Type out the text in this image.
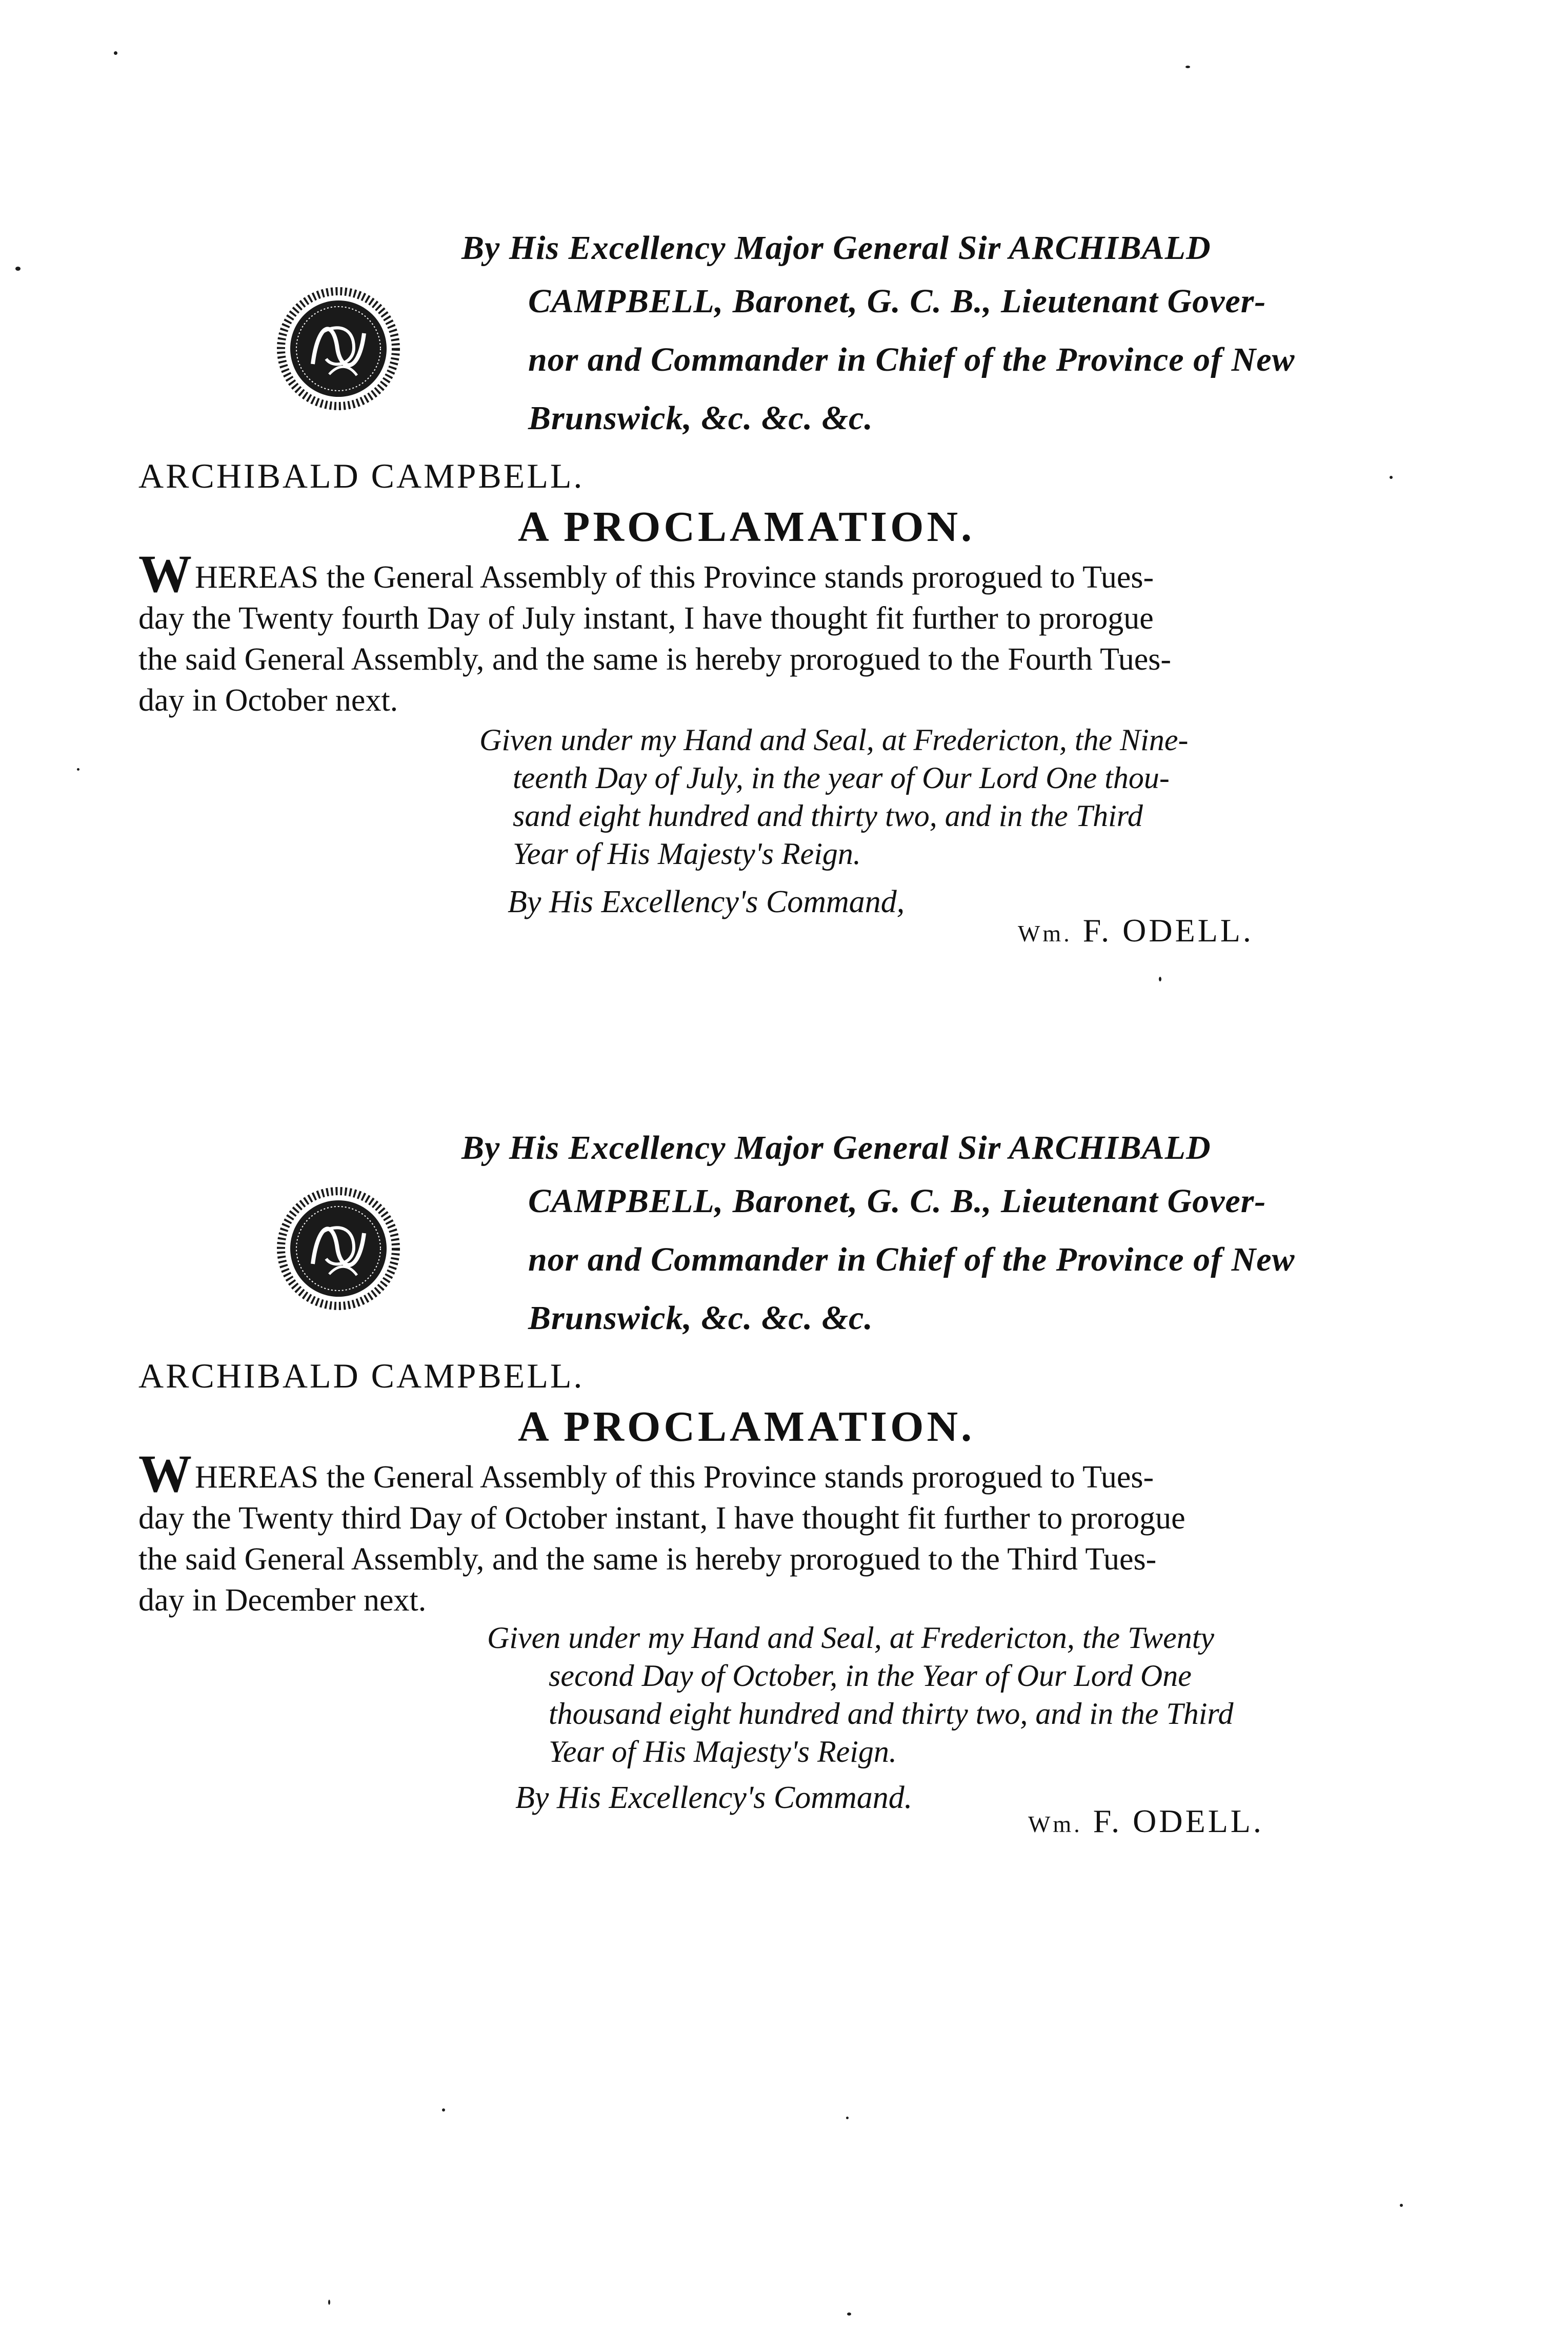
By His Excellency Major General Sir ARCHIBALD
CAMPBELL, Baronet, G. C. B., Lieutenant Gover-
nor and Commander in Chief of the Province of New
Brunswick, &c. &c. &c.
ARCHIBALD CAMPBELL.
A PROCLAMATION.
W HEREAS the General Assembly of this Province stands prorogued to Tues-
day the Twenty fourth Day of July instant, I have thought fit further to prorogue
the said General Assembly, and the same is hereby prorogued to the Fourth Tues-
day in October next.
Given under my Hand and Seal, at Fredericton, the Nine-
teenth Day of July, in the year of Our Lord One thou-
sand eight hundred and thirty two, and in the Third
Year of His Majesty's Reign.
By His Excellency's Command,
Wm. F. ODELL.
By His Excellency Major General Sir ARCHIBALD
CAMPBELL, Baronet, G. C. B., Lieutenant Gover-
nor and Commander in Chief of the Province of New
Brunswick, &c. &c. &c.
ARCHIBALD CAMPBELL.
A PROCLAMATION.
W HEREAS the General Assembly of this Province stands prorogued to Tues-
day the Twenty third Day of October instant, I have thought fit further to prorogue
the said General Assembly, and the same is hereby prorogued to the Third Tues-
day in December next.
Given under my Hand and Seal, at Fredericton, the Twenty
second Day of October, in the Year of Our Lord One
thousand eight hundred and thirty two, and in the Third
Year of His Majesty's Reign.
By His Excellency's Command.
Wm. F. ODELL.
